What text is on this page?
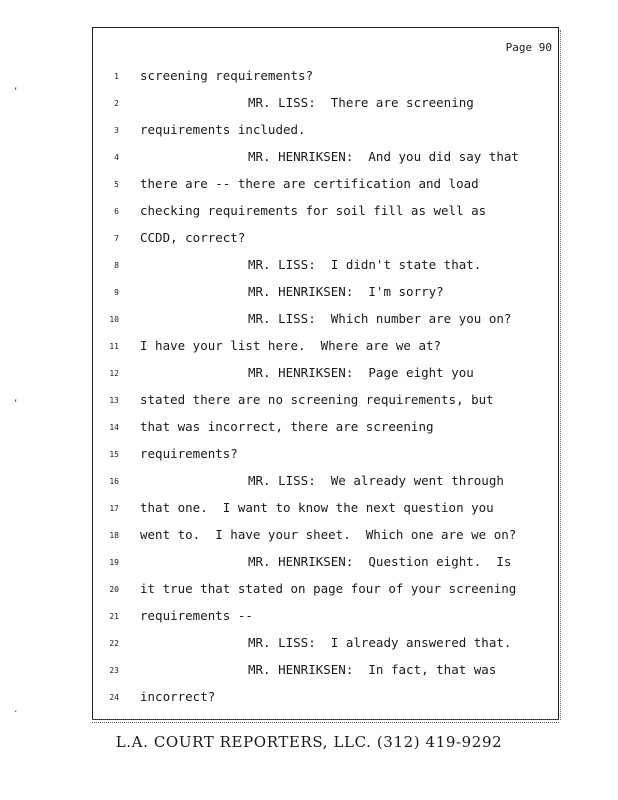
Page 90
1 screening requirements?
2	MR. LISS:  There are screening
3 requirements included.
4	MR. HENRIKSEN:  And you did say that
5 there are -- there are certification and load
6 checking requirements for soil fill as well as
7 CCDD, correct?
8	MR. LISS:  I didn't state that.
9	MR. HENRIKSEN:  I'm sorry?
10	MR. LISS:  Which number are you on?
11 I have your list here.  Where are we at?
12	MR. HENRIKSEN:  Page eight you
13 stated there are no screening requirements, but
14 that was incorrect, there are screening
15 requirements?
16	MR. LISS:  We already went through
17 that one.  I want to know the next question you
18 went to.  I have your sheet.  Which one are we on?
19	MR. HENRIKSEN:  Question eight.  Is
20 it true that stated on page four of your screening
21 requirements --
22	MR. LISS:  I already answered that.
23	MR. HENRIKSEN:  In fact, that was
24 incorrect?
,
,
.
L.A. COURT REPORTERS, LLC. (312) 419-9292
